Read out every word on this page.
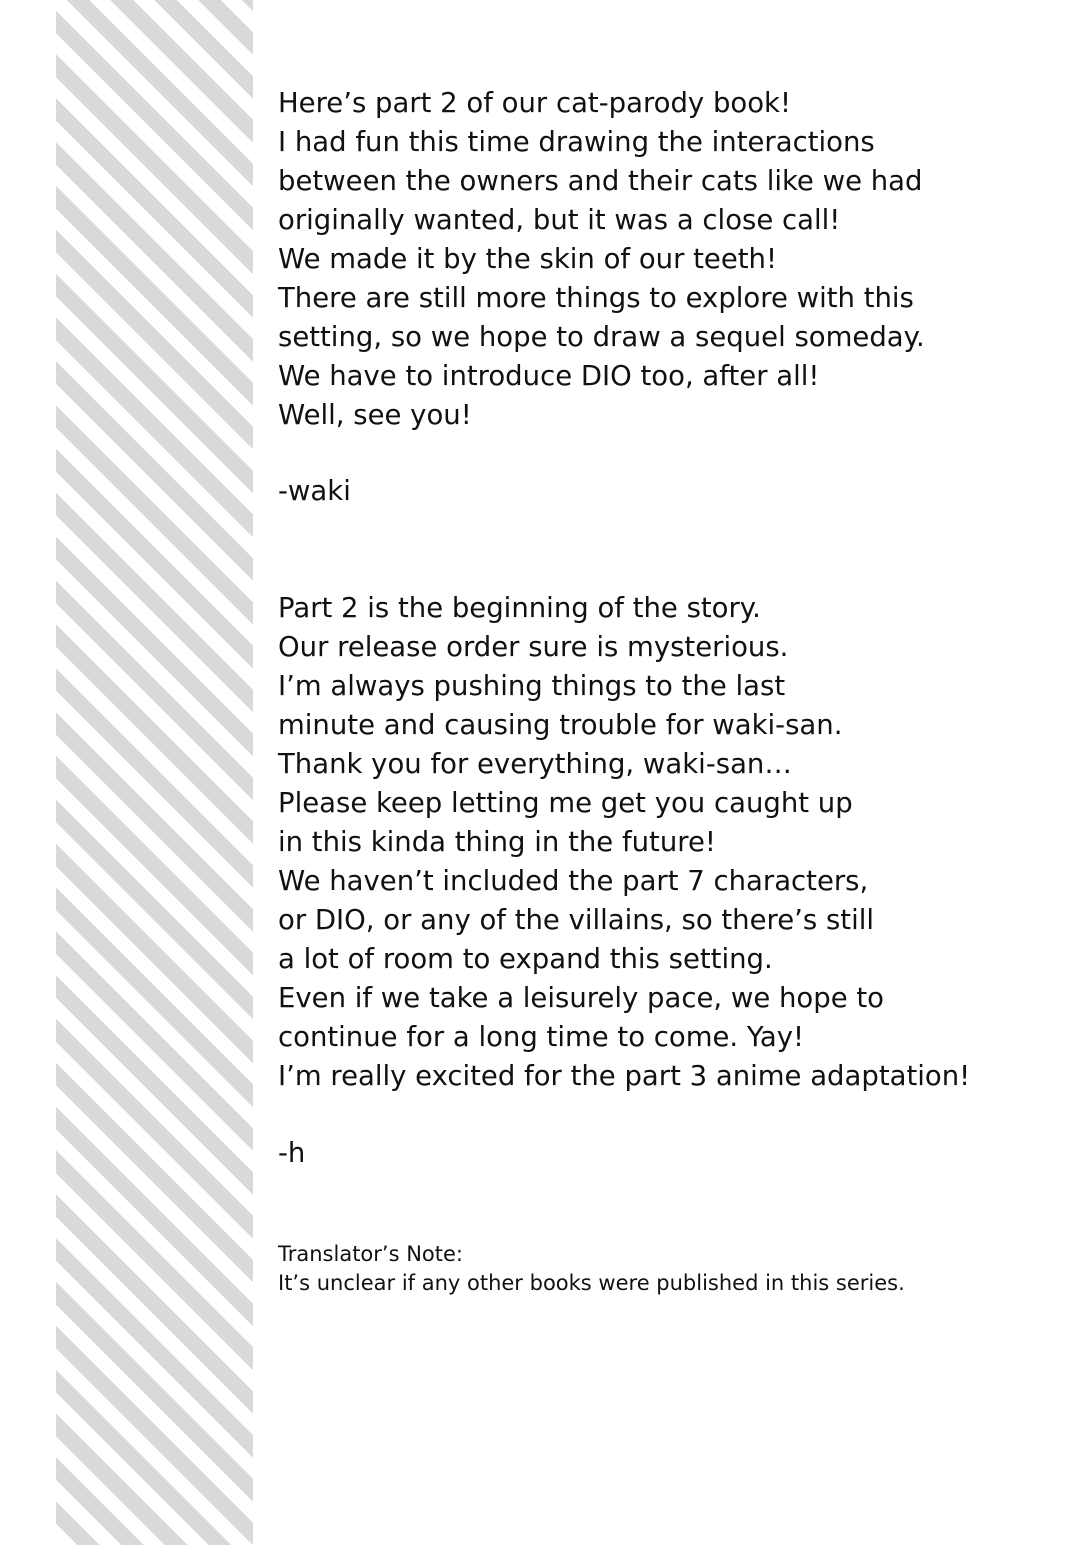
Here’s part 2 of our cat-parody book!
I had fun this time drawing the interactions
between the owners and their cats like we had
originally wanted, but it was a close call!
We made it by the skin of our teeth!
There are still more things to explore with this
setting, so we hope to draw a sequel someday.
We have to introduce DIO too, after all!
Well, see you!
-waki
Part 2 is the beginning of the story.
Our release order sure is mysterious.
I’m always pushing things to the last
minute and causing trouble for waki-san.
Thank you for everything, waki-san…
Please keep letting me get you caught up
in this kinda thing in the future!
We haven’t included the part 7 characters,
or DIO, or any of the villains, so there’s still
a lot of room to expand this setting.
Even if we take a leisurely pace, we hope to
continue for a long time to come. Yay!
I’m really excited for the part 3 anime adaptation!
-h
Translator’s Note:
It’s unclear if any other books were published in this series.
